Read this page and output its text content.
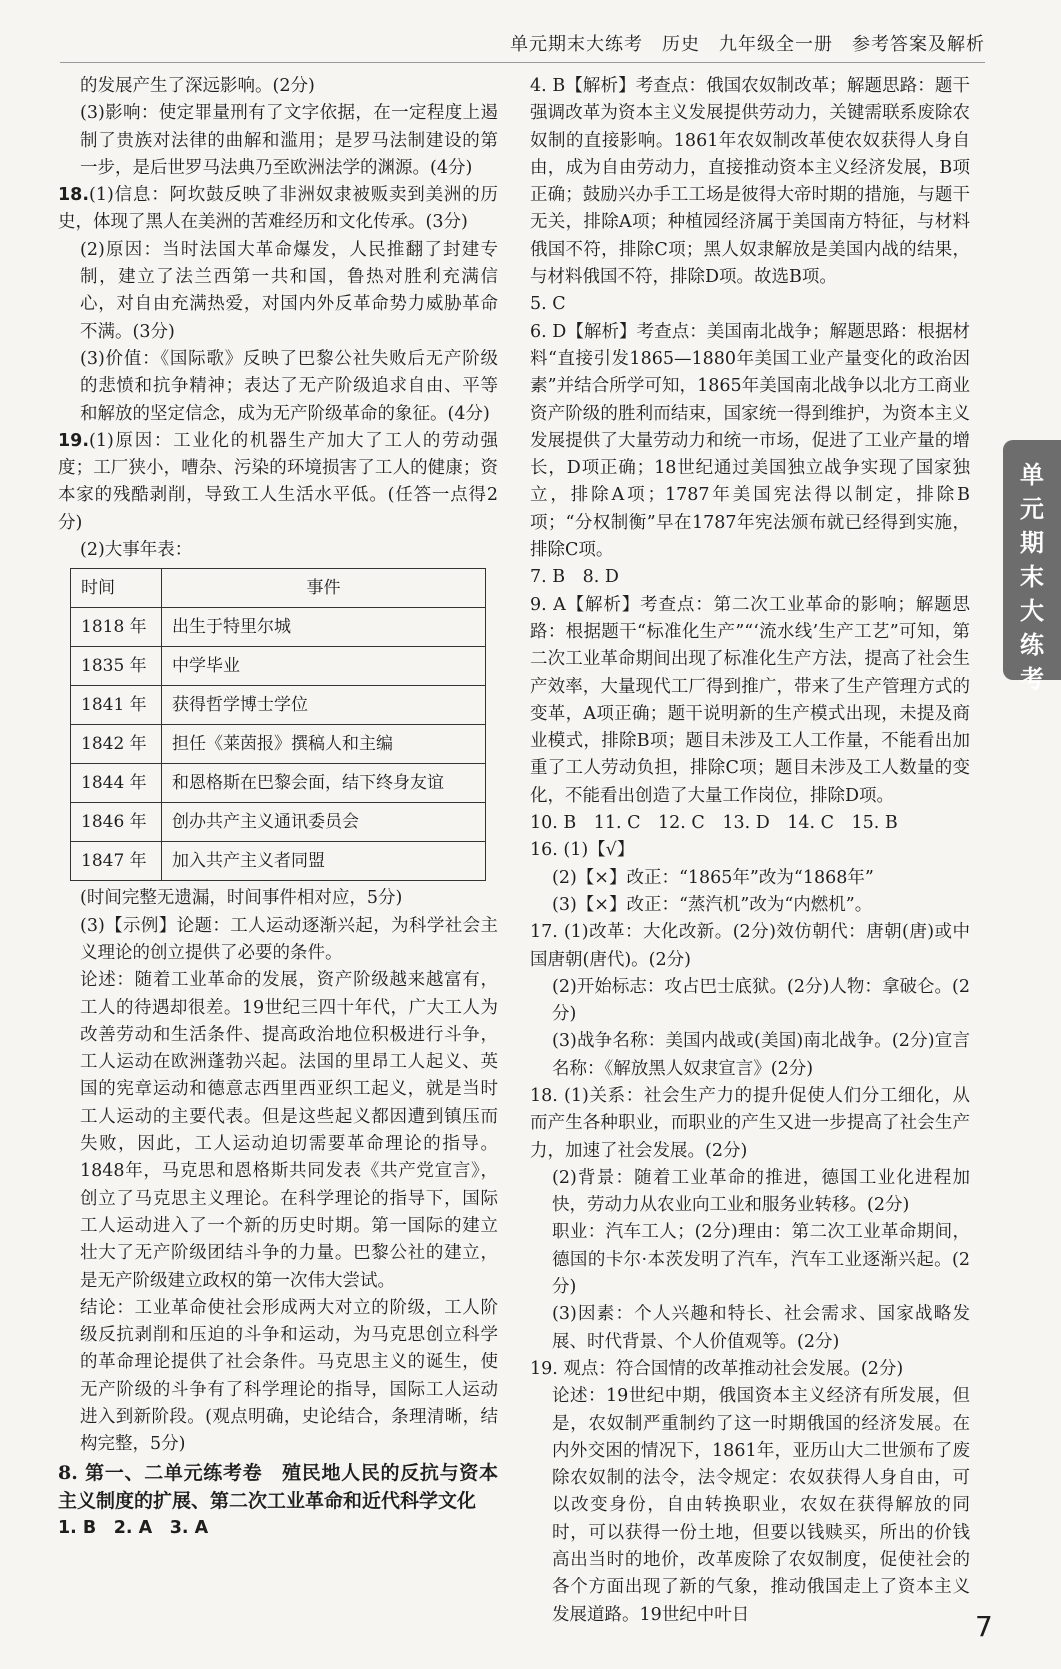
单元期末大练考　历史　九年级全一册　参考答案及解析

的发展产生了深远影响。(2分)

(3)影响：使定罪量刑有了文字依据，在一定程度上遏制了贵族对法律的曲解和滥用；是罗马法制建设的第一步，是后世罗马法典乃至欧洲法学的渊源。(4分)

18.(1)信息：阿坎鼓反映了非洲奴隶被贩卖到美洲的历史，体现了黑人在美洲的苦难经历和文化传承。(3分)

(2)原因：当时法国大革命爆发，人民推翻了封建专制，建立了法兰西第一共和国，鲁热对胜利充满信心，对自由充满热爱，对国内外反革命势力威胁革命不满。(3分)

(3)价值：《国际歌》反映了巴黎公社失败后无产阶级的悲愤和抗争精神；表达了无产阶级追求自由、平等和解放的坚定信念，成为无产阶级革命的象征。(4分)

19.(1)原因：工业化的机器生产加大了工人的劳动强度；工厂狭小，嘈杂、污染的环境损害了工人的健康；资本家的残酷剥削，导致工人生活水平低。(任答一点得2分)

(2)大事年表：

时间	事件
1818 年	出生于特里尔城
1835 年	中学毕业
1841 年	获得哲学博士学位
1842 年	担任《莱茵报》撰稿人和主编
1844 年	和恩格斯在巴黎会面，结下终身友谊
1846 年	创办共产主义通讯委员会
1847 年	加入共产主义者同盟

(时间完整无遗漏，时间事件相对应，5分)

(3)【示例】论题：工人运动逐渐兴起，为科学社会主义理论的创立提供了必要的条件。

论述：随着工业革命的发展，资产阶级越来越富有，工人的待遇却很差。19世纪三四十年代，广大工人为改善劳动和生活条件、提高政治地位积极进行斗争，工人运动在欧洲蓬勃兴起。法国的里昂工人起义、英国的宪章运动和德意志西里西亚织工起义，就是当时工人运动的主要代表。但是这些起义都因遭到镇压而失败，因此，工人运动迫切需要革命理论的指导。1848年，马克思和恩格斯共同发表《共产党宣言》，创立了马克思主义理论。在科学理论的指导下，国际工人运动进入了一个新的历史时期。第一国际的建立壮大了无产阶级团结斗争的力量。巴黎公社的建立，是无产阶级建立政权的第一次伟大尝试。

结论：工业革命使社会形成两大对立的阶级，工人阶级反抗剥削和压迫的斗争和运动，为马克思创立科学的革命理论提供了社会条件。马克思主义的诞生，使无产阶级的斗争有了科学理论的指导，国际工人运动进入到新阶段。(观点明确，史论结合，条理清晰，结构完整，5分)

8. 第一、二单元练考卷　殖民地人民的反抗与资本主义制度的扩展、第二次工业革命和近代科学文化

1. B　2. A　3. A

4. B【解析】考查点：俄国农奴制改革；解题思路：题干强调改革为资本主义发展提供劳动力，关键需联系废除农奴制的直接影响。1861年农奴制改革使农奴获得人身自由，成为自由劳动力，直接推动资本主义经济发展，B项正确；鼓励兴办手工工场是彼得大帝时期的措施，与题干无关，排除A项；种植园经济属于美国南方特征，与材料俄国不符，排除C项；黑人奴隶解放是美国内战的结果，与材料俄国不符，排除D项。故选B项。

5. C

6. D【解析】考查点：美国南北战争；解题思路：根据材料“直接引发1865—1880年美国工业产量变化的政治因素”并结合所学可知，1865年美国南北战争以北方工商业资产阶级的胜利而结束，国家统一得到维护，为资本主义发展提供了大量劳动力和统一市场，促进了工业产量的增长，D项正确；18世纪通过美国独立战争实现了国家独立，排除A项；1787年美国宪法得以制定，排除B项；“分权制衡”早在1787年宪法颁布就已经得到实施，排除C项。

7. B　8. D

9. A【解析】考查点：第二次工业革命的影响；解题思路：根据题干“标准化生产”“‘流水线’生产工艺”可知，第二次工业革命期间出现了标准化生产方法，提高了社会生产效率，大量现代工厂得到推广，带来了生产管理方式的变革，A项正确；题干说明新的生产模式出现，未提及商业模式，排除B项；题目未涉及工人工作量，不能看出加重了工人劳动负担，排除C项；题目未涉及工人数量的变化，不能看出创造了大量工作岗位，排除D项。

10. B　11. C　12. C　13. D　14. C　15. B

16. (1)【√】

(2)【×】改正：“1865年”改为“1868年”

(3)【×】改正：“蒸汽机”改为“内燃机”。

17. (1)改革：大化改新。(2分)效仿朝代：唐朝(唐)或中国唐朝(唐代)。(2分)

(2)开始标志：攻占巴士底狱。(2分)人物：拿破仑。(2分)

(3)战争名称：美国内战或(美国)南北战争。(2分)宣言名称：《解放黑人奴隶宣言》(2分)

18. (1)关系：社会生产力的提升促使人们分工细化，从而产生各种职业，而职业的产生又进一步提高了社会生产力，加速了社会发展。(2分)

(2)背景：随着工业革命的推进，德国工业化进程加快，劳动力从农业向工业和服务业转移。(2分)

职业：汽车工人；(2分)理由：第二次工业革命期间，德国的卡尔·本茨发明了汽车，汽车工业逐渐兴起。(2分)

(3)因素：个人兴趣和特长、社会需求、国家战略发展、时代背景、个人价值观等。(2分)

19. 观点：符合国情的改革推动社会发展。(2分)

论述：19世纪中期，俄国资本主义经济有所发展，但是，农奴制严重制约了这一时期俄国的经济发展。在内外交困的情况下，1861年，亚历山大二世颁布了废除农奴制的法令，法令规定：农奴获得人身自由，可以改变身份，自由转换职业，农奴在获得解放的同时，可以获得一份土地，但要以钱赎买，所出的价钱高出当时的地价，改革废除了农奴制度，促使社会的各个方面出现了新的气象，推动俄国走上了资本主义发展道路。19世纪中叶日

单元期末大练考
7
